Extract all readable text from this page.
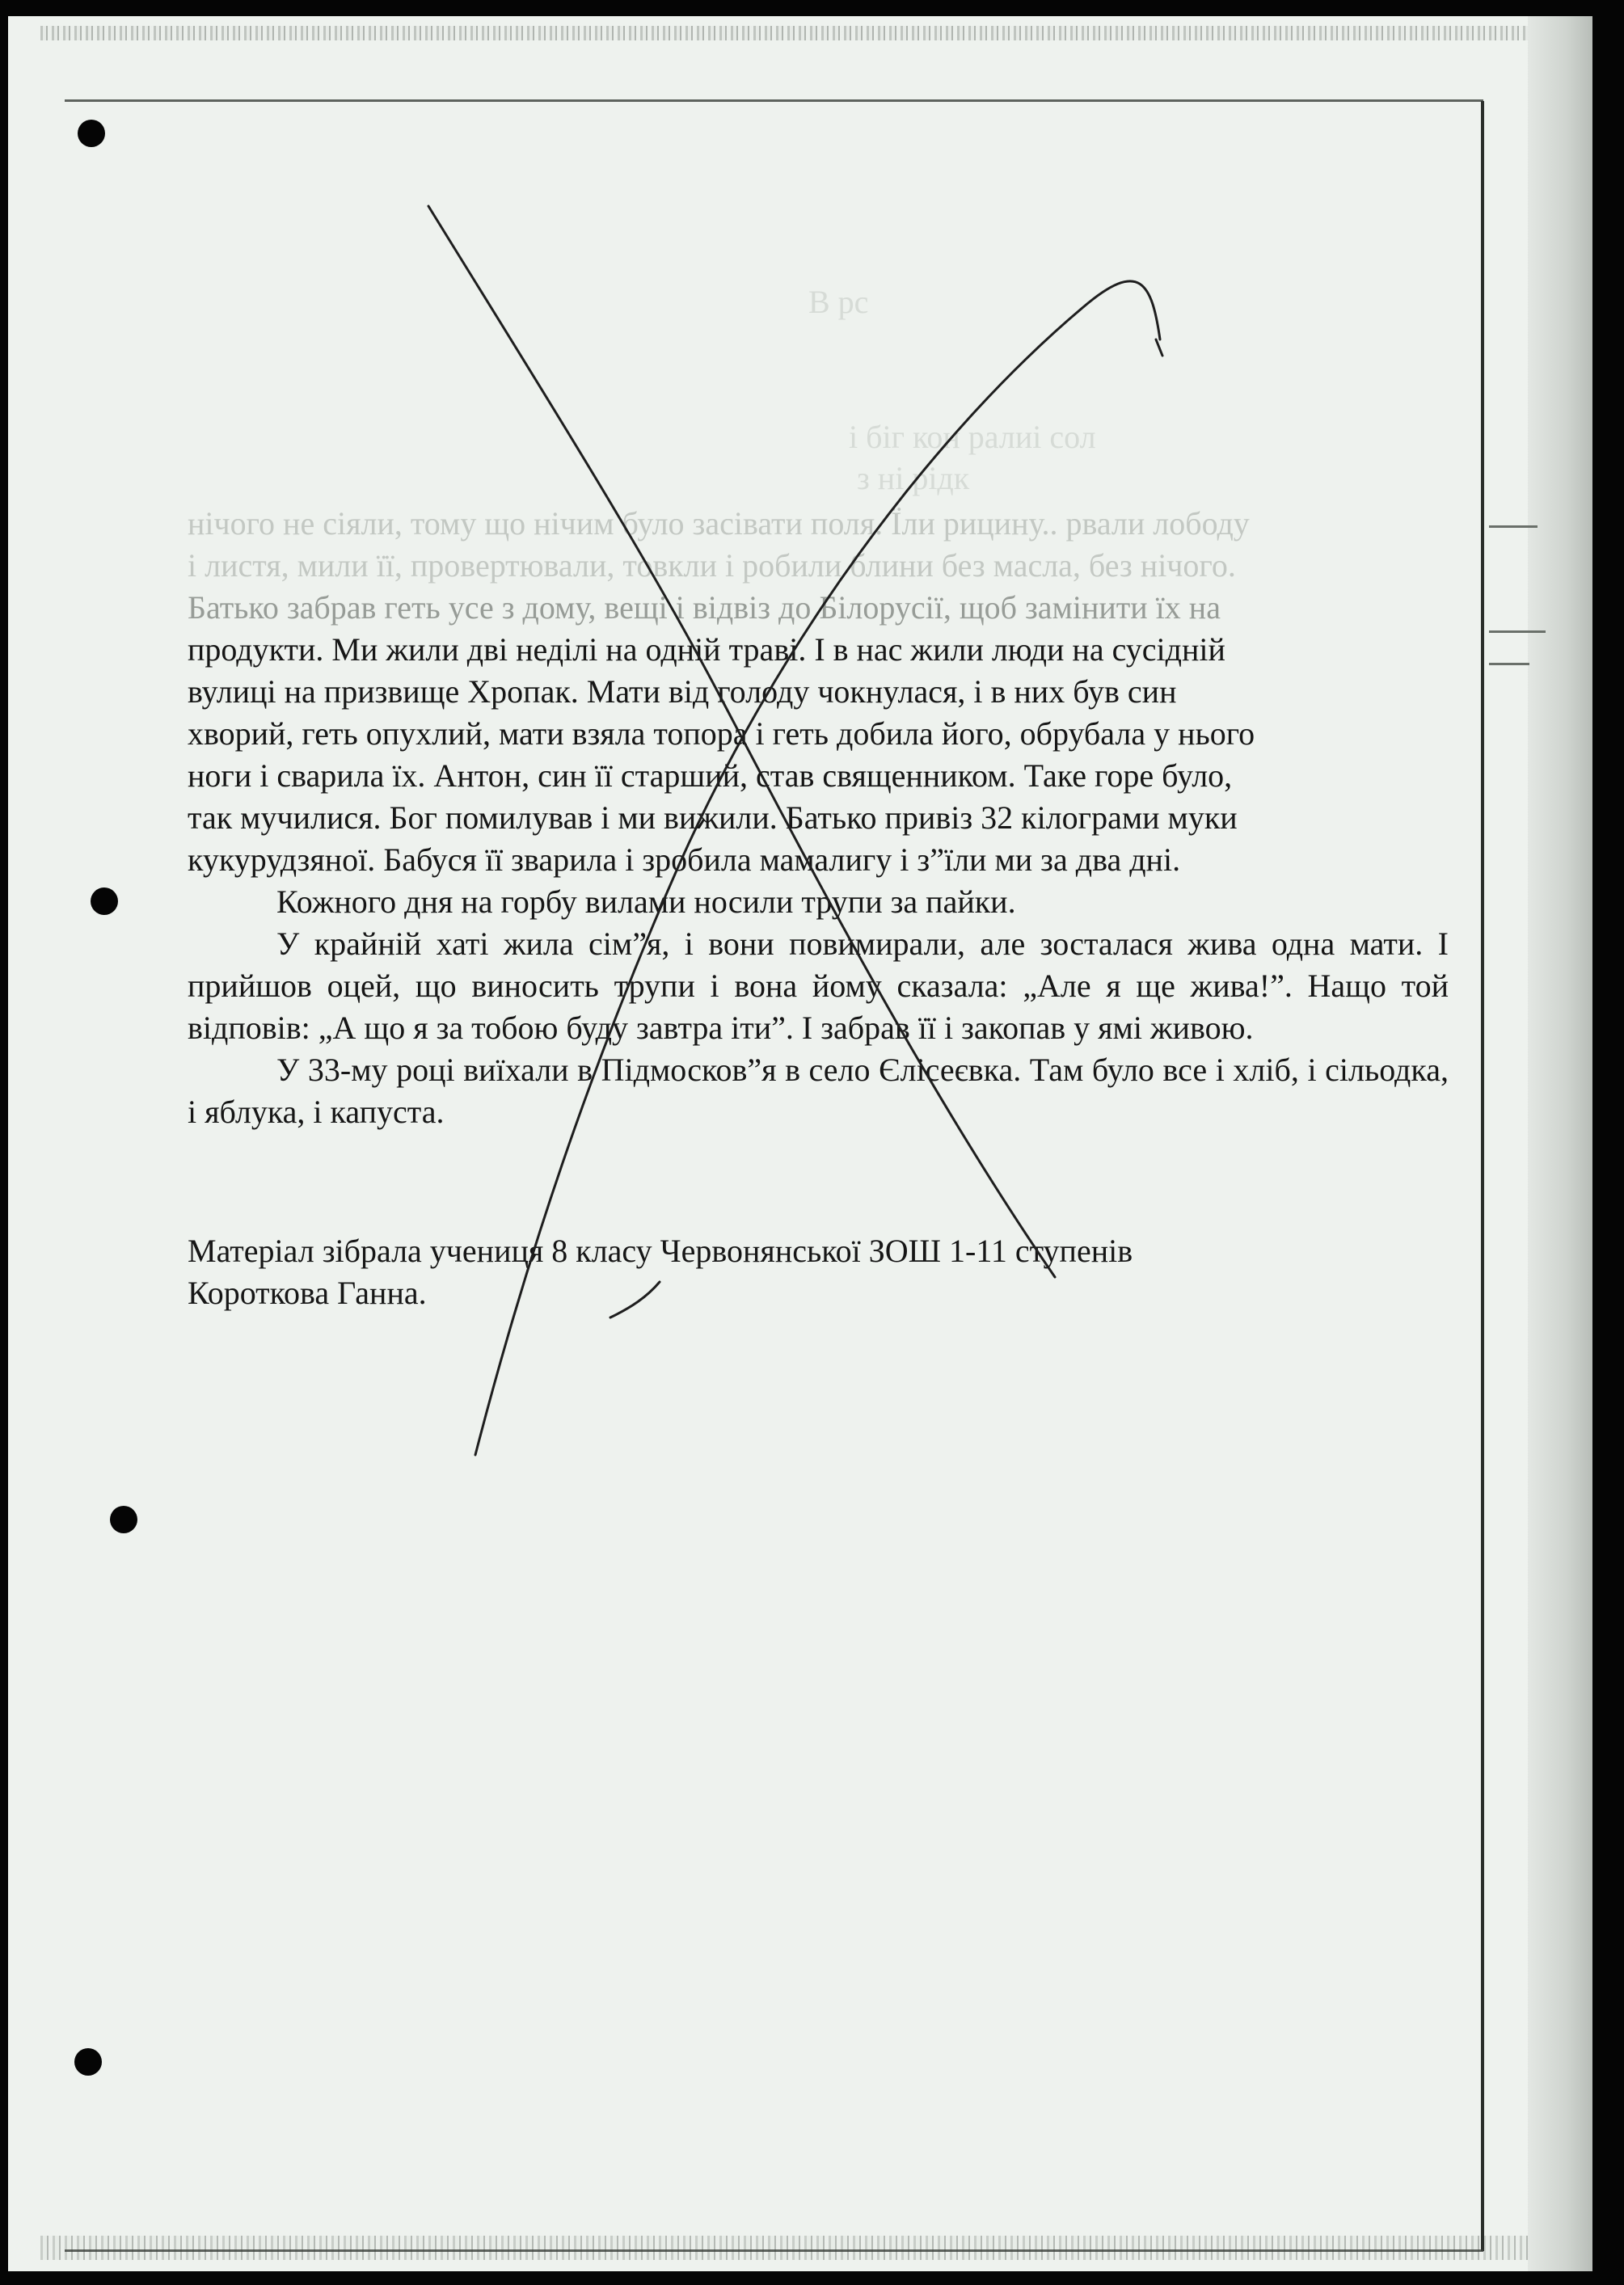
В рс
і біг кон ралиі сол
з ні рідк
нічого не сіяли, тому що нічим було засівати поля. Їли рицину.. рвали лободу
і листя, мили її, провертювали, товкли і робили блини без масла, без нічого.
Батько забрав геть усе з дому, вещі і відвіз до Білорусії, щоб замінити їх на
продукти. Ми жили дві неділі на одній траві. І в нас жили люди на сусідній
вулиці на призвище Хропак. Мати від голоду чокнулася, і в них був син
хворий, геть опухлий, мати взяла топора і геть добила його, обрубала у нього
ноги і сварила їх. Антон, син її старший, став священником. Таке горе було,
так мучилися. Бог помилував і ми вижили. Батько привіз 32 кілограми муки
кукурудзяної. Бабуся її зварила і зробила мамалигу і з”їли ми за два дні.

Кожного дня на горбу вилами носили трупи за пайки.

У крайній хаті жила сім”я, і вони повимирали, але зосталася жива одна мати. І прийшов оцей, що виносить трупи і вона йому сказала: „Але я ще жива!”. Нащо той відповів: „А що я за тобою буду завтра іти”. І забрав її і закопав у ямі живою.

У 33-му році виїхали в Підмосков”я в село Єлісеєвка. Там було все і хліб, і сільодка, і яблука, і капуста.

Матеріал зібрала учениця 8 класу Червонянської ЗОШ 1-11 ступенів

Короткова Ганна.
